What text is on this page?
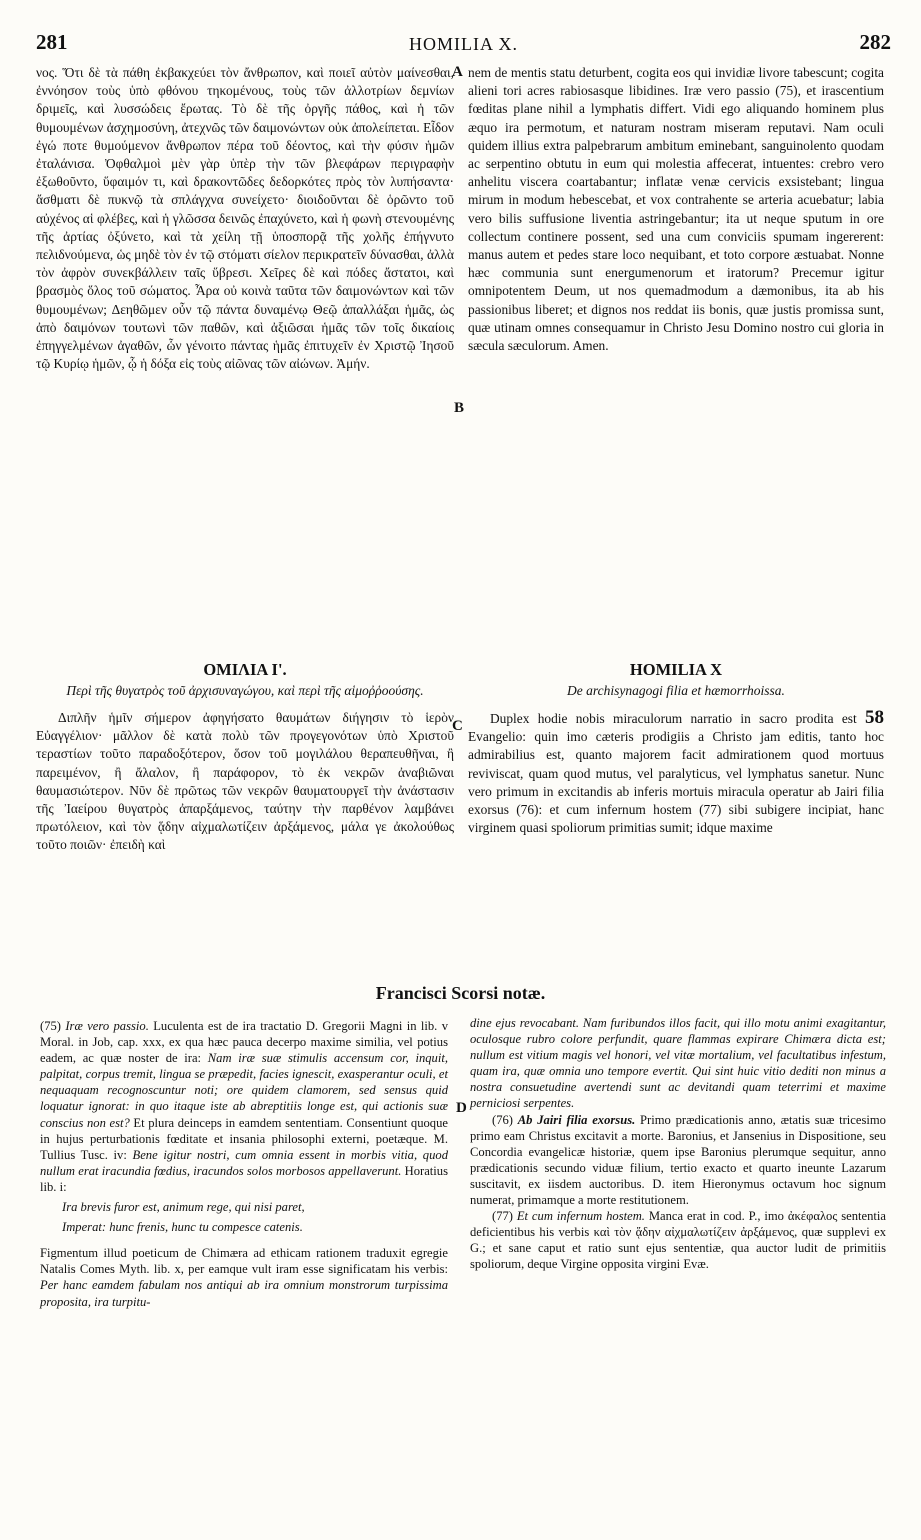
281	HOMILIA X.	282
A
B
C
D

νος. Ὅτι δὲ τὰ πάθη ἐκβακχεύει τὸν ἄνθρωπον, καὶ ποιεῖ αὐτὸν μαίνεσθαι, ἐννόησον τοὺς ὑπὸ φθόνου τηκομένους, τοὺς τῶν ἀλλοτρίων δεμνίων δριμεῖς, καὶ λυσσώδεις ἔρωτας. Τὸ δὲ τῆς ὀργῆς πάθος, καὶ ἡ τῶν θυμουμένων ἀσχημοσύνη, ἀτεχνῶς τῶν δαιμονώντων οὐκ ἀπολείπεται. Εἶδον ἐγώ ποτε θυμούμενον ἄνθρωπον πέρα τοῦ δέοντος, καὶ τὴν φύσιν ἡμῶν ἐταλάνισα. Ὀφθαλμοὶ μὲν γὰρ ὑπὲρ τὴν τῶν βλεφάρων περιγραφὴν ἐξωθοῦντο, ὕφαιμόν τι, καὶ δρακοντῶδες δεδορκότες πρὸς τὸν λυπήσαντα· ἄσθματι δὲ πυκνῷ τὰ σπλάγχνα συνείχετο· διοιδοῦνται δὲ ὁρῶντο τοῦ αὐχένος αἱ φλέβες, καὶ ἡ γλῶσσα δεινῶς ἐπαχύνετο, καὶ ἡ φωνὴ στενουμένης τῆς ἀρτίας ὀξύνετο, καὶ τὰ χείλη τῇ ὑποσπορᾷ τῆς χολῆς ἐπήγνυτο πελιδνούμενα, ὡς μηδὲ τὸν ἐν τῷ στόματι σίελον περικρατεῖν δύνασθαι, ἀλλὰ τὸν ἀφρὸν συνεκβάλλειν ταῖς ὕβρεσι. Χεῖρες δὲ καὶ πόδες ἄστατοι, καὶ βρασμὸς ὅλος τοῦ σώματος. Ἆρα οὐ κοινὰ ταῦτα τῶν δαιμονώντων καὶ τῶν θυμουμένων; Δεηθῶμεν οὖν τῷ πάντα δυναμένῳ Θεῷ ἀπαλλάξαι ἡμᾶς, ὡς ἀπὸ δαιμόνων τουτωνὶ τῶν παθῶν, καὶ ἀξιῶσαι ἡμᾶς τῶν τοῖς δικαίοις ἐπηγγελμένων ἀγαθῶν, ὧν γένοιτο πάντας ἡμᾶς ἐπιτυχεῖν ἐν Χριστῷ Ἰησοῦ τῷ Κυρίῳ ἡμῶν, ᾧ ἡ δόξα εἰς τοὺς αἰῶνας τῶν αἰώνων. Ἀμήν.

nem de mentis statu deturbent, cogita eos qui invidiæ livore tabescunt; cogita alieni tori acres rabiosasque libidines. Iræ vero passio (75), et irascentium fœditas plane nihil a lymphatis differt. Vidi ego aliquando hominem plus æquo ira permotum, et naturam nostram miseram reputavi. Nam oculi quidem illius extra palpebrarum ambitum eminebant, sanguinolento quodam ac serpentino obtutu in eum qui molestia affecerat, intuentes: crebro vero anhelitu viscera coartabantur; inflatæ venæ cervicis exsistebant; lingua mirum in modum hebescebat, et vox contrahente se arteria acuebatur; labia vero bilis suffusione liventia astringebantur; ita ut neque sputum in ore collectum continere possent, sed una cum conviciis spumam ingererent: manus autem et pedes stare loco nequibant, et toto corpore æstuabat. Nonne hæc communia sunt energumenorum et iratorum? Precemur igitur omnipotentem Deum, ut nos quemadmodum a dæmonibus, ita ab his passionibus liberet; et dignos nos reddat iis bonis, quæ justis promissa sunt, quæ utinam omnes consequamur in Christo Jesu Domino nostro cui gloria in sæcula sæculorum. Amen.

ΟΜΙΛΙΑ Ι'.

Περὶ τῆς θυγατρὸς τοῦ ἀρχισυναγώγου, καὶ περὶ τῆς αἱμοῤῥοούσης.

Διπλῆν ἡμῖν σήμερον ἀφηγήσατο θαυμάτων διήγησιν τὸ ἱερὸν Εὐαγγέλιον· μᾶλλον δὲ κατὰ πολὺ τῶν προγεγονότων ὑπὸ Χριστοῦ τεραστίων τοῦτο παραδοξότερον, ὅσον τοῦ μογιλάλου θεραπευθῆναι, ἢ παρειμένον, ἢ ἄλαλον, ἢ παράφορον, τὸ ἐκ νεκρῶν ἀναβιῶναι θαυμασιώτερον. Νῦν δὲ πρῶτως τῶν νεκρῶν θαυματουργεῖ τὴν ἀνάστασιν τῆς Ἰαείρου θυγατρὸς ἀπαρξάμενος, ταύτην τὴν παρθένον λαμβάνει πρωτόλειον, καὶ τὸν ᾅδην αἰχμαλωτίζειν ἀρξάμενος, μάλα γε ἀκολούθως τοῦτο ποιῶν· ἐπειδὴ καὶ

HOMILIA X

De archisynagogi filia et hæmorrhoissa.

Duplex hodie nobis miraculorum narratio in sacro prodita est 58 Evangelio: quin imo cæteris prodigiis a Christo jam editis, tanto hoc admirabilius est, quanto majorem facit admirationem quod mortuus reviviscat, quam quod mutus, vel paralyticus, vel lymphatus sanetur. Nunc vero primum in excitandis ab inferis mortuis miracula operatur ab Jairi filia exorsus (76): et cum infernum hostem (77) sibi subigere incipiat, hanc virginem quasi spoliorum primitias sumit; idque maxime

Francisci Scorsi notæ.

(75) Iræ vero passio. Luculenta est de ira tractatio D. Gregorii Magni in lib. v Moral. in Job, cap. xxx, ex qua hæc pauca decerpo maxime similia, vel potius eadem, ac quæ noster de ira: Nam iræ suæ stimulis accensum cor, inquit, palpitat, corpus tremit, lingua se præpedit, facies ignescit, exasperantur oculi, et nequaquam recognoscuntur noti; ore quidem clamorem, sed sensus quid loquatur ignorat: in quo itaque iste ab abreptitiis longe est, qui actionis suæ conscius non est? Et plura deinceps in eamdem sententiam. Consentiunt quoque in hujus perturbationis fœditate et insania philosophi externi, poetæque. M. Tullius Tusc. iv: Bene igitur nostri, cum omnia essent in morbis vitia, quod nullum erat iracundia fœdius, iracundos solos morbosos appellaverunt. Horatius lib. i:

Ira brevis furor est, animum rege, qui nisi paret,

Imperat: hunc frenis, hunc tu compesce catenis.

Figmentum illud poeticum de Chimæra ad ethicam rationem traduxit egregie Natalis Comes Myth. lib. x, per eamque vult iram esse significatam his verbis: Per hanc eamdem fabulam nos antiqui ab ira omnium monstrorum turpissima proposita, ira turpitu-

dine ejus revocabant. Nam furibundos illos facit, qui illo motu animi exagitantur, oculosque rubro colore perfundit, quare flammas expirare Chimæra dicta est; nullum est vitium magis vel honori, vel vitæ mortalium, vel facultatibus infestum, quam ira, quæ omnia uno tempore evertit. Qui sint huic vitio dediti non minus a nostra consuetudine avertendi sunt ac devitandi quam teterrimi et maxime perniciosi serpentes.

(76) Ab Jairi filia exorsus. Primo prædicationis anno, ætatis suæ tricesimo primo eam Christus excitavit a morte. Baronius, et Jansenius in Dispositione, seu Concordia evangelicæ historiæ, quem ipse Baronius plerumque sequitur, anno prædicationis secundo viduæ filium, tertio exacto et quarto ineunte Lazarum suscitavit, ex iisdem auctoribus. D. item Hieronymus octavum hoc signum numerat, primamque a morte restitutionem.

(77) Et cum infernum hostem. Manca erat in cod. P., imo ἀκέφαλος sententia deficientibus his verbis καὶ τὸν ᾅδην αἰχμαλωτίζειν ἀρξάμενος, quæ supplevi ex G.; et sane caput et ratio sunt ejus sententiæ, qua auctor ludit de primitiis spoliorum, deque Virgine opposita virgini Evæ.
